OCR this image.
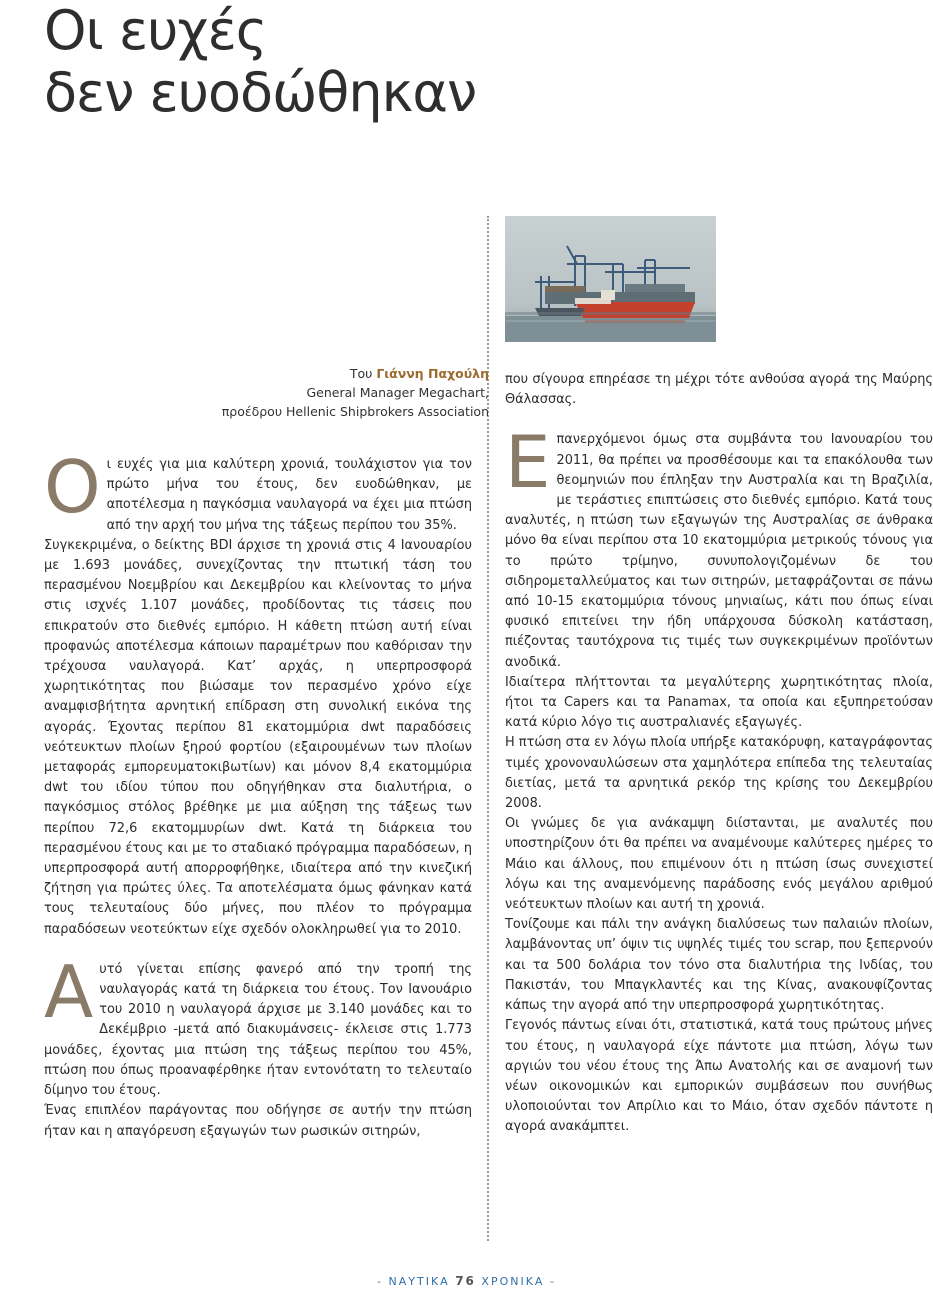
Οι ευχές
δεν ευοδώθηκαν
Του Γιάννη Παχούλη
General Manager Megachart,
προέδρου Hellenic Shipbrokers Association

Οι ευχές για μια καλύτερη χρονιά, τουλάχιστον για τον πρώτο μήνα του έτους, δεν ευοδώθηκαν, με αποτέλεσμα η παγκόσμια ναυλαγορά να έχει μια πτώση από την αρχή του μήνα της τάξεως περίπου του 35%.

Συγκεκριμένα, ο δείκτης BDI άρχισε τη χρονιά στις 4 Ιανουαρίου με 1.693 μονάδες, συνεχίζοντας την πτωτική τάση του περασμένου Νοεμβρίου και Δεκεμβρίου και κλείνοντας το μήνα στις ισχνές 1.107 μονάδες, προδίδοντας τις τάσεις που επικρατούν στο διεθνές εμπόριο. Η κάθετη πτώση αυτή είναι προφανώς αποτέλεσμα κάποιων παραμέτρων που καθόρισαν την τρέχουσα ναυλαγορά. Κατ’ αρχάς, η υπερπροσφορά χωρητικότητας που βιώσαμε τον περασμένο χρόνο είχε αναμφισβήτητα αρνητική επίδραση στη συνολική εικόνα της αγοράς. Έχοντας περίπου 81 εκατομμύρια dwt παραδόσεις νεότευκτων πλοίων ξηρού φορτίου (εξαιρουμένων των πλοίων μεταφοράς εμπορευματοκιβωτίων) και μόνον 8,4 εκατομμύρια dwt του ιδίου τύπου που οδηγήθηκαν στα διαλυτήρια, ο παγκόσμιος στόλος βρέθηκε με μια αύξηση της τάξεως των περίπου 72,6 εκατομμυρίων dwt. Κατά τη διάρκεια του περασμένου έτους και με το σταδιακό πρόγραμμα παραδόσεων, η υπερπροσφορά αυτή απορροφήθηκε, ιδιαίτερα από την κινεζική ζήτηση για πρώτες ύλες. Τα αποτελέσματα όμως φάνηκαν κατά τους τελευταίους δύο μήνες, που πλέον το πρόγραμμα παραδόσεων νεοτεύκτων είχε σχεδόν ολοκληρωθεί για το 2010.

Αυτό γίνεται επίσης φανερό από την τροπή της ναυλαγοράς κατά τη διάρκεια του έτους. Τον Ιανουάριο του 2010 η ναυλαγορά άρχισε με 3.140 μονάδες και το Δεκέμβριο -μετά από διακυμάνσεις- έκλεισε στις 1.773 μονάδες, έχοντας μια πτώση της τάξεως περίπου του 45%, πτώση που όπως προαναφέρθηκε ήταν εντονότατη το τελευταίο δίμηνο του έτους.

Ένας επιπλέον παράγοντας που οδήγησε σε αυτήν την πτώση ήταν και η απαγόρευση εξαγωγών των ρωσικών σιτηρών,

που σίγουρα επηρέασε τη μέχρι τότε ανθούσα αγορά της Μαύρης Θάλασσας.

Επανερχόμενοι όμως στα συμβάντα του Ιανουαρίου του 2011, θα πρέπει να προσθέσουμε και τα επακόλουθα των θεομηνιών που έπληξαν την Αυστραλία και τη Βραζιλία, με τεράστιες επιπτώσεις στο διεθνές εμπόριο. Κατά τους αναλυτές, η πτώση των εξαγωγών της Αυστραλίας σε άνθρακα μόνο θα είναι περίπου στα 10 εκατομμύρια μετρικούς τόνους για το πρώτο τρίμηνο, συνυπολογιζομένων δε του σιδηρομεταλλεύματος και των σιτηρών, μεταφράζονται σε πάνω από 10-15 εκατομμύρια τόνους μηνιαίως, κάτι που όπως είναι φυσικό επιτείνει την ήδη υπάρχουσα δύσκολη κατάσταση, πιέζοντας ταυτόχρονα τις τιμές των συγκεκριμένων προϊόντων ανοδικά.

Ιδιαίτερα πλήττονται τα μεγαλύτερης χωρητικότητας πλοία, ήτοι τα Capers και τα Panamax, τα οποία και εξυπηρετούσαν κατά κύριο λόγο τις αυστραλιανές εξαγωγές.

Η πτώση στα εν λόγω πλοία υπήρξε κατακόρυφη, καταγράφοντας τιμές χρονοναυλώσεων στα χαμηλότερα επίπεδα της τελευταίας διετίας, μετά τα αρνητικά ρεκόρ της κρίσης του Δεκεμβρίου 2008.

Οι γνώμες δε για ανάκαμψη διίστανται, με αναλυτές που υποστηρίζουν ότι θα πρέπει να αναμένουμε καλύτερες ημέρες το Μάιο και άλλους, που επιμένουν ότι η πτώση ίσως συνεχιστεί λόγω και της αναμενόμενης παράδοσης ενός μεγάλου αριθμού νεότευκτων πλοίων και αυτή τη χρονιά.

Τονίζουμε και πάλι την ανάγκη διαλύσεως των παλαιών πλοίων, λαμβάνοντας υπ’ όψιν τις υψηλές τιμές του scrap, που ξεπερνούν και τα 500 δολάρια τον τόνο στα διαλυτήρια της Ινδίας, του Πακιστάν, του Μπαγκλαντές και της Κίνας, ανακουφίζοντας κάπως την αγορά από την υπερπροσφορά χωρητικότητας.

Γεγονός πάντως είναι ότι, στατιστικά, κατά τους πρώτους μήνες του έτους, η ναυλαγορά είχε πάντοτε μια πτώση, λόγω των αργιών του νέου έτους της Άπω Ανατολής και σε αναμονή των νέων οικονομικών και εμπορικών συμβάσεων που συνήθως υλοποιούνται τον Απρίλιο και το Μάιο, όταν σχεδόν πάντοτε η αγορά ανακάμπτει.

- ΝΑΥΤΙΚΑ 76 ΧΡΟΝΙΚΑ -
